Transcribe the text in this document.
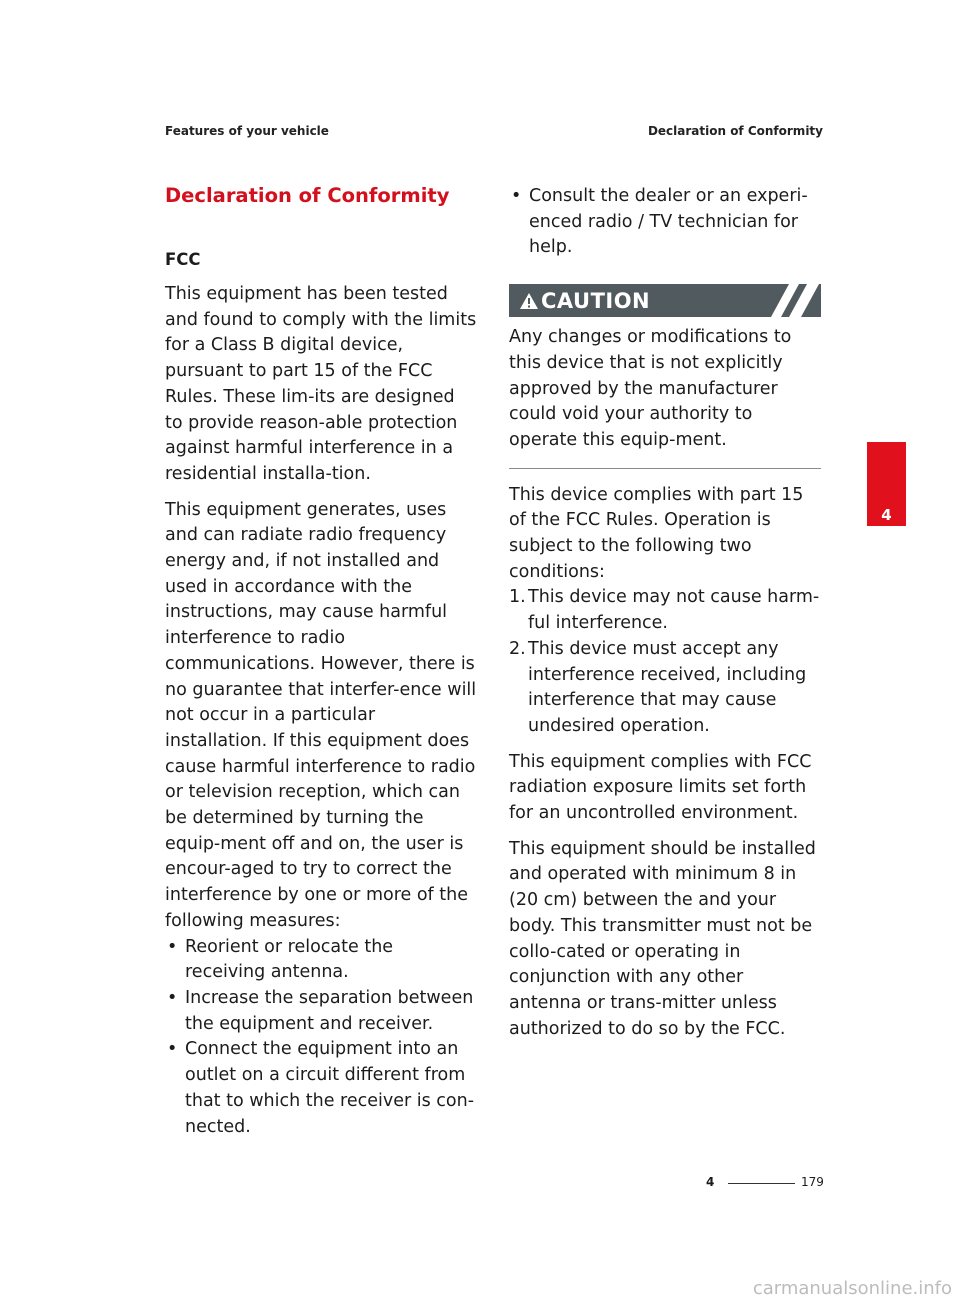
Features of your vehicle	Declaration of Conformity
Declaration of Conformity
FCC

This equipment has been tested and found to comply with the limits for a Class B digital device, pursuant to part 15 of the FCC Rules. These lim-its are designed to provide reason-able protection against harmful interference in a residential installa-tion.

This equipment generates, uses and can radiate radio frequency energy and, if not installed and used in accordance with the instructions, may cause harmful interference to radio communications. However, there is no guarantee that interfer-ence will not occur in a particular installation. If this equipment does cause harmful interference to radio or television reception, which can be determined by turning the equip-ment off and on, the user is encour-aged to try to correct the interference by one or more of the following measures:

• Reorient or relocate the receiving antenna.
• Increase the separation between the equipment and receiver.
• Connect the equipment into an outlet on a circuit different from that to which the receiver is con-nected.
• Consult the dealer or an experi-enced radio / TV technician for help.
CAUTION

Any changes or modifications to this device that is not explicitly approved by the manufacturer could void your authority to operate this equip-ment.

This device complies with part 15 of the FCC Rules. Operation is subject to the following two conditions:

1. This device may not cause harm-ful interference.
2. This device must accept any interference received, including interference that may cause undesired operation.

This equipment complies with FCC radiation exposure limits set forth for an uncontrolled environment.

This equipment should be installed and operated with minimum 8 in (20 cm) between the and your body. This transmitter must not be collo-cated or operating in conjunction with any other antenna or trans-mitter unless authorized to do so by the FCC.

4
4	179
carmanualsonline.info
